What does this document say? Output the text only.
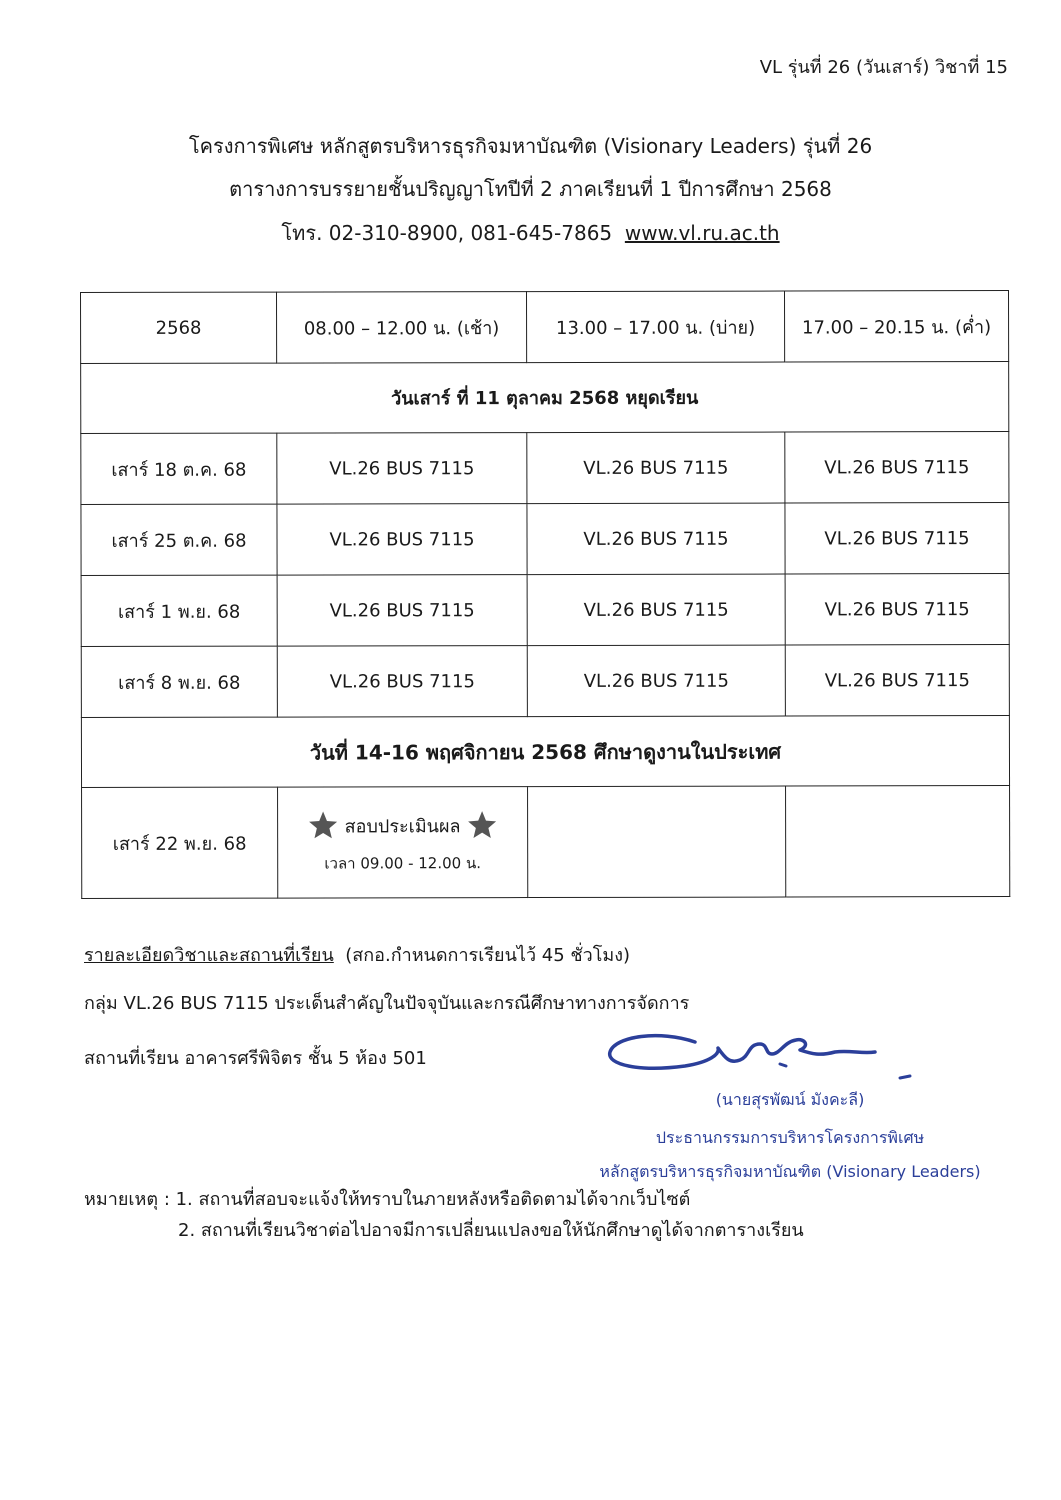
VL รุ่นที่ 26 (วันเสาร์) วิชาที่ 15
โครงการพิเศษ หลักสูตรบริหารธุรกิจมหาบัณฑิต (Visionary Leaders) รุ่นที่ 26
ตารางการบรรยายชั้นปริญญาโทปีที่ 2 ภาคเรียนที่ 1 ปีการศึกษา 2568
โทร. 02-310-8900, 081-645-7865 www.vl.ru.ac.th
2568	08.00 – 12.00 น. (เช้า)	13.00 – 17.00 น. (บ่าย)	17.00 – 20.15 น. (ค่ำ)
วันเสาร์ ที่ 11 ตุลาคม 2568 หยุดเรียน			
เสาร์ 18 ต.ค. 68	VL.26 BUS 7115	VL.26 BUS 7115	VL.26 BUS 7115
เสาร์ 25 ต.ค. 68	VL.26 BUS 7115	VL.26 BUS 7115	VL.26 BUS 7115
เสาร์ 1 พ.ย. 68	VL.26 BUS 7115	VL.26 BUS 7115	VL.26 BUS 7115
เสาร์ 8 พ.ย. 68	VL.26 BUS 7115	VL.26 BUS 7115	VL.26 BUS 7115
วันที่ 14-16 พฤศจิกายน 2568 ศึกษาดูงานในประเทศ			
เสาร์ 22 พ.ย. 68	สอบประเมินผล
เวลา 09.00 - 12.00 น.		

รายละเอียดวิชาและสถานที่เรียน (สกอ.กำหนดการเรียนไว้ 45 ชั่วโมง)
กลุ่ม VL.26 BUS 7115 ประเด็นสำคัญในปัจจุบันและกรณีศึกษาทางการจัดการ
สถานที่เรียน อาคารศรีพิจิตร ชั้น 5 ห้อง 501
(นายสุรพัฒน์ มังคะลี)
ประธานกรรมการบริหารโครงการพิเศษ
หลักสูตรบริหารธุรกิจมหาบัณฑิต (Visionary Leaders)
หมายเหตุ : 1. สถานที่สอบจะแจ้งให้ทราบในภายหลังหรือติดตามได้จากเว็บไซต์
2. สถานที่เรียนวิชาต่อไปอาจมีการเปลี่ยนแปลงขอให้นักศึกษาดูได้จากตารางเรียน
